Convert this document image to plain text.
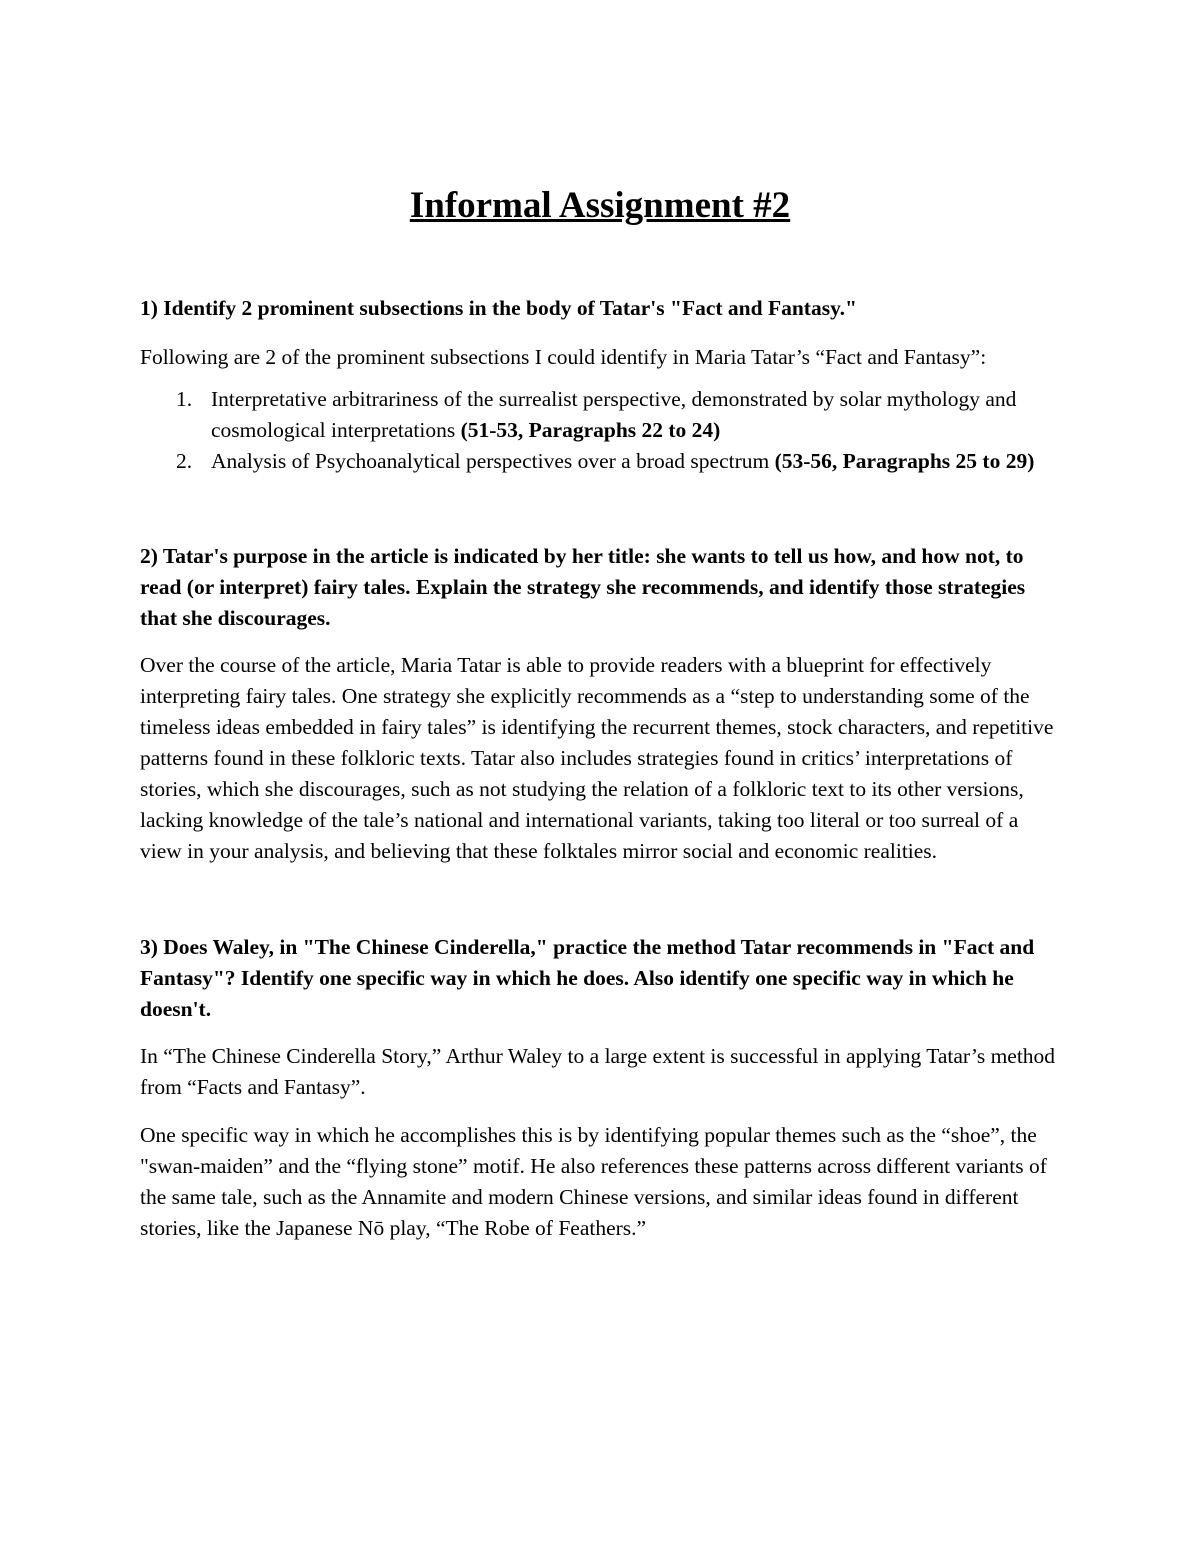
Informal Assignment #2

1) Identify 2 prominent subsections in the body of Tatar's "Fact and Fantasy."

Following are 2 of the prominent subsections I could identify in Maria Tatar’s “Fact and Fantasy”:

1. Interpretative arbitrariness of the surrealist perspective, demonstrated by solar mythology and cosmological interpretations (51-53, Paragraphs 22 to 24)
2. Analysis of Psychoanalytical perspectives over a broad spectrum (53-56, Paragraphs 25 to 29)

2) Tatar's purpose in the article is indicated by her title: she wants to tell us how, and how not, to read (or interpret) fairy tales. Explain the strategy she recommends, and identify those strategies that she discourages.

Over the course of the article, Maria Tatar is able to provide readers with a blueprint for effectively interpreting fairy tales. One strategy she explicitly recommends as a “step to understanding some of the timeless ideas embedded in fairy tales” is identifying the recurrent themes, stock characters, and repetitive patterns found in these folkloric texts. Tatar also includes strategies found in critics’ interpretations of stories, which she discourages, such as not studying the relation of a folkloric text to its other versions, lacking knowledge of the tale’s national and international variants, taking too literal or too surreal of a view in your analysis, and believing that these folktales mirror social and economic realities.

3) Does Waley, in "The Chinese Cinderella," practice the method Tatar recommends in "Fact and Fantasy"? Identify one specific way in which he does. Also identify one specific way in which he doesn't.

In “The Chinese Cinderella Story,” Arthur Waley to a large extent is successful in applying Tatar’s method from “Facts and Fantasy”.

One specific way in which he accomplishes this is by identifying popular themes such as the “shoe”, the "swan-maiden” and the “flying stone” motif. He also references these patterns across different variants of the same tale, such as the Annamite and modern Chinese versions, and similar ideas found in different stories, like the Japanese Nō play, “The Robe of Feathers.”
